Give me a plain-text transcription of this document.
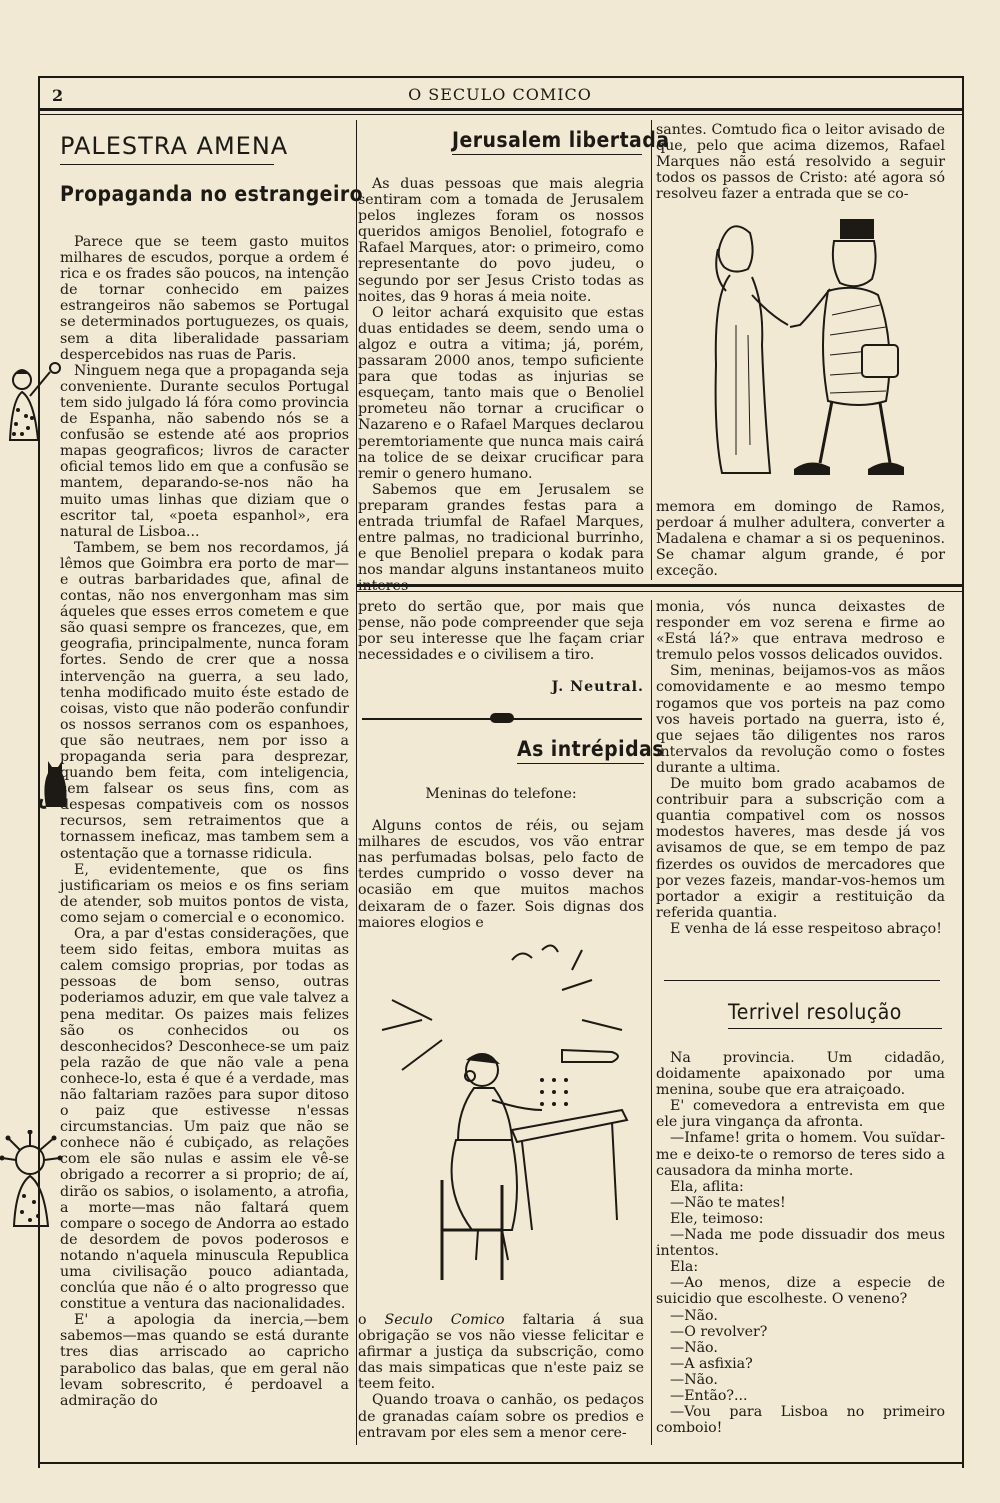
2	O SECULO COMICO
PALESTRA AMENA
Propaganda no estrangeiro

Parece que se teem gasto muitos milhares de escudos, porque a ordem é rica e os frades são poucos, na intenção de tornar conhecido em paizes estrangeiros não sabemos se Portugal se determinados portuguezes, os quais, sem a dita liberalidade passariam despercebidos nas ruas de Paris.

Ninguem nega que a propaganda seja conveniente. Durante seculos Portugal tem sido julgado lá fóra como provincia de Espanha, não sabendo nós se a confusão se estende até aos proprios mapas geograficos; livros de caracter oficial temos lido em que a confusão se mantem, deparando-se-nos não ha muito umas linhas que diziam que o escritor tal, «poeta espanhol», era natural de Lisboa...

Tambem, se bem nos recordamos, já lêmos que Goimbra era porto de mar—e outras barbaridades que, afinal de contas, não nos envergonham mas sim áqueles que esses erros cometem e que são quasi sempre os francezes, que, em geografia, principalmente, nunca foram fortes. Sendo de crer que a nossa intervenção na guerra, a seu lado, tenha modificado muito éste estado de coisas, visto que não poderão confundir os nossos serranos com os espanhoes, que são neutraes, nem por isso a propaganda seria para desprezar, quando bem feita, com inteligencia, sem falsear os seus fins, com as despesas compativeis com os nossos recursos, sem retraimentos que a tornassem ineficaz, mas tambem sem a ostentação que a tornasse ridicula.

E, evidentemente, que os fins justificariam os meios e os fins seriam de atender, sob muitos pontos de vista, como sejam o comercial e o economico.

Ora, a par d'estas considerações, que teem sido feitas, embora muitas as calem comsigo proprias, por todas as pessoas de bom senso, outras poderiamos aduzir, em que vale talvez a pena meditar. Os paizes mais felizes são os conhecidos ou os desconhecidos? Desconhece-se um paiz pela razão de que não vale a pena conhece-lo, esta é que é a verdade, mas não faltariam razões para supor ditoso o paiz que estivesse n'essas circumstancias. Um paiz que não se conhece não é cubiçado, as relações com ele são nulas e assim ele vê-se obrigado a recorrer a si proprio; de aí, dirão os sabios, o isolamento, a atrofia, a morte—mas não faltará quem compare o socego de Andorra ao estado de desordem de povos poderosos e notando n'aquela minuscula Republica uma civilisação pouco adiantada, conclúa que não é o alto progresso que constitue a ventura das nacionalidades.

E' a apologia da inercia,—bem sabemos—mas quando se está durante tres dias arriscado ao capricho parabolico das balas, que em geral não levam sobrescrito, é perdoavel a admiração do

Jerusalem libertada

As duas pessoas que mais alegria sentiram com a tomada de Jerusalem pelos inglezes foram os nossos queridos amigos Benoliel, fotografo e Rafael Marques, ator: o primeiro, como representante do povo judeu, o segundo por ser Jesus Cristo todas as noites, das 9 horas á meia noite.

O leitor achará exquisito que estas duas entidades se deem, sendo uma o algoz e outra a vitima; já, porém, passaram 2000 anos, tempo suficiente para que todas as injurias se esqueçam, tanto mais que o Benoliel prometeu não tornar a crucificar o Nazareno e o Rafael Marques declarou peremtoriamente que nunca mais cairá na tolice de se deixar crucificar para remir o genero humano.

Sabemos que em Jerusalem se preparam grandes festas para a entrada triumfal de Rafael Marques, entre palmas, no tradicional burrinho, e que Benoliel prepara o kodak para nos mandar alguns instantaneos muito interes-

santes. Comtudo fica o leitor avisado de que, pelo que acima dizemos, Rafael Marques não está resolvido a seguir todos os passos de Cristo: até agora só resolveu fazer a entrada que se co-

memora em domingo de Ramos, perdoar á mulher adultera, converter a Madalena e chamar a si os pequeninos. Se chamar algum grande, é por exceção.

preto do sertão que, por mais que pense, não pode compreender que seja por seu interesse que lhe façam criar necessidades e o civilisem a tiro.

J. Neutral.

As intrépidas

Meninas do telefone:

Alguns contos de réis, ou sejam milhares de escudos, vos vão entrar nas perfumadas bolsas, pelo facto de terdes cumprido o vosso dever na ocasião em que muitos machos deixaram de o fazer. Sois dignas dos maiores elogios e

o Seculo Comico faltaria á sua obrigação se vos não viesse felicitar e afirmar a justiça da subscrição, como das mais simpaticas que n'este paiz se teem feito.

Quando troava o canhão, os pedaços de granadas caíam sobre os predios e entravam por eles sem a menor cere-

monia, vós nunca deixastes de responder em voz serena e firme ao «Está lá?» que entrava medroso e tremulo pelos vossos delicados ouvidos.

Sim, meninas, beijamos-vos as mãos comovidamente e ao mesmo tempo rogamos que vos porteis na paz como vos haveis portado na guerra, isto é, que sejaes tão diligentes nos raros intervalos da revolução como o fostes durante a ultima.

De muito bom grado acabamos de contribuir para a subscrição com a quantia compativel com os nossos modestos haveres, mas desde já vos avisamos de que, se em tempo de paz fizerdes os ouvidos de mercadores que por vezes fazeis, mandar-vos-hemos um portador a exigir a restituição da referida quantia.

E venha de lá esse respeitoso abraço!

Terrivel resolução

Na provincia. Um cidadão, doidamente apaixonado por uma menina, soube que era atraiçoado.

E' comevedora a entrevista em que ele jura vingança da afronta.

—Infame! grita o homem. Vou suïdar-me e deixo-te o remorso de teres sido a causadora da minha morte.

Ela, aflita:

—Não te mates!

Ele, teimoso:

—Nada me pode dissuadir dos meus intentos.

Ela:

—Ao menos, dize a especie de suicidio que escolheste. O veneno?

—Não.

—O revolver?

—Não.

—A asfixia?

—Não.

—Então?...

—Vou para Lisboa no primeiro comboio!
